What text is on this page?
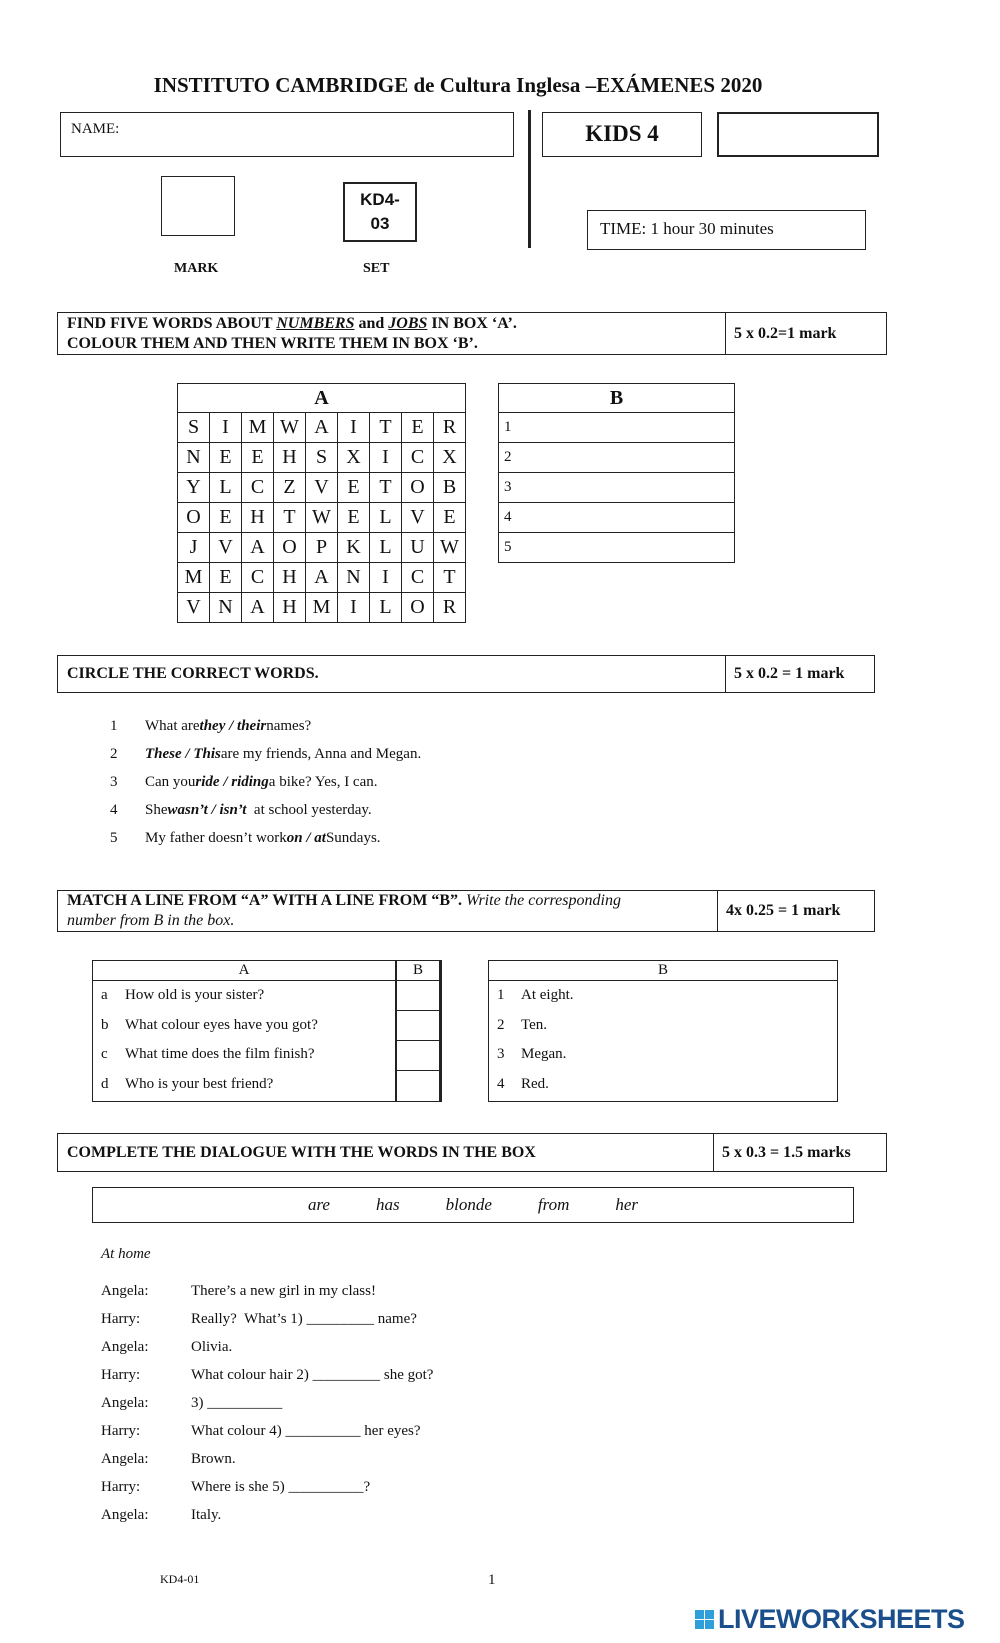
INSTITUTO CAMBRIDGE de Cultura Inglesa –EXÁMENES 2020
NAME:	KIDS 4
KD4-
03
MARK	SET
TIME: 1 hour 30 minutes
FIND FIVE WORDS ABOUT NUMBERS and JOBS IN BOX ‘A’.
COLOUR THEM AND THEN WRITE THEM IN BOX ‘B’.
5 x 0.2=1 mark
A								
S	I	M	W	A	I	T	E	R
N	E	E	H	S	X	I	C	X
Y	L	C	Z	V	E	T	O	B
O	E	H	T	W	E	L	V	E
J	V	A	O	P	K	L	U	W
M	E	C	H	A	N	I	C	T
V	N	A	H	M	I	L	O	R
B
1
2
3
4
5
CIRCLE THE CORRECT WORDS.	5 x 0.2 = 1 mark
1	What are they / their names?
2	These / This are my friends, Anna and Megan.
3	Can you ride / riding a bike? Yes, I can.
4	She wasn’t / isn’t at school yesterday.
5	My father doesn’t work on / at Sundays.
MATCH A LINE FROM “A” WITH A LINE FROM “B”. Write the corresponding
number from B in the box.
4x 0.25 = 1 mark
A
a	How old is your sister?
b	What colour eyes have you got?
c	What time does the film finish?
d	Who is your best friend?
B	B
1	At eight.
2	Ten.
3	Megan.
4	Red.
COMPLETE THE DIALOGUE WITH THE WORDS IN THE BOX	5 x 0.3 = 1.5 marks
are	has	blonde	from	her
At home
Angela:	There’s a new girl in my class!
Harry:	Really?  What’s 1) _________ name?
Angela:	Olivia.
Harry:	What colour hair 2) _________ she got?
Angela:	3) __________
Harry:	What colour 4) __________ her eyes?
Angela:	Brown.
Harry:	Where is she 5) __________?
Angela:	Italy.
KD4-01	1
LIVEWORKSHEETS
